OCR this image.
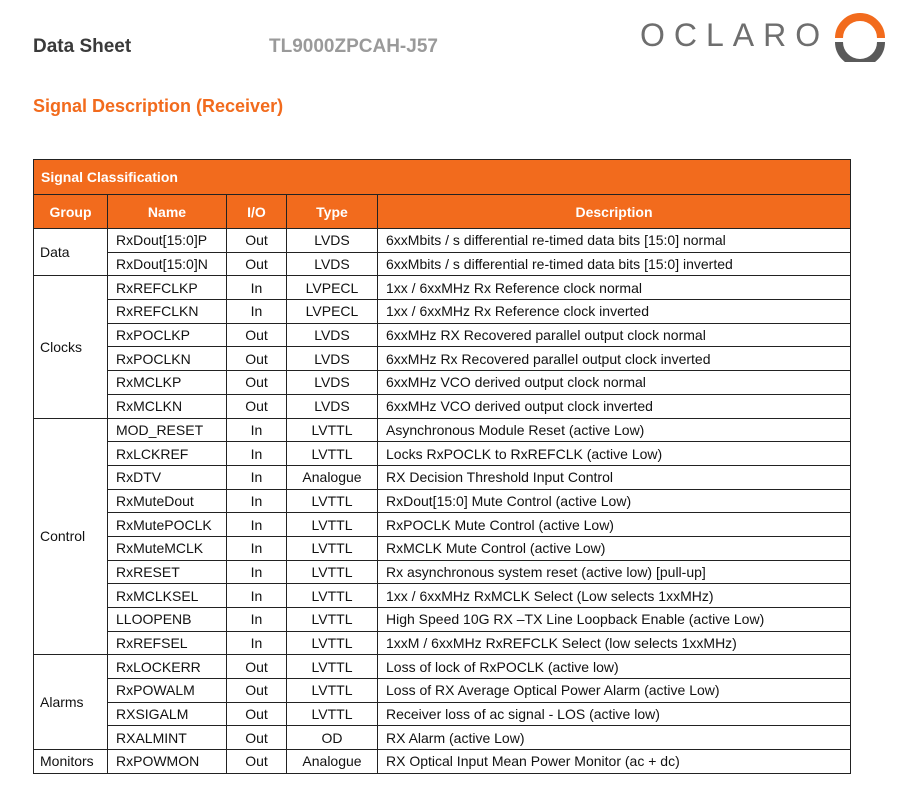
Data Sheet	TL9000ZPCAH-J57	OCLARO
Signal Description (Receiver)
Signal Classification				
Group	Name	I/O	Type	Description
Data	RxDout[15:0]P	Out	LVDS	6xxMbits / s differential re-timed data bits [15:0] normal
	RxDout[15:0]N	Out	LVDS	6xxMbits / s differential re-timed data bits [15:0] inverted
Clocks	RxREFCLKP	In	LVPECL	1xx / 6xxMHz Rx Reference clock normal
	RxREFCLKN	In	LVPECL	1xx / 6xxMHz Rx Reference clock inverted
	RxPOCLKP	Out	LVDS	6xxMHz RX Recovered parallel output clock normal
	RxPOCLKN	Out	LVDS	6xxMHz Rx Recovered parallel output clock inverted
	RxMCLKP	Out	LVDS	6xxMHz VCO derived output clock normal
	RxMCLKN	Out	LVDS	6xxMHz VCO derived output clock inverted
Control	MOD_RESET	In	LVTTL	Asynchronous Module Reset (active Low)
	RxLCKREF	In	LVTTL	Locks RxPOCLK to RxREFCLK (active Low)
	RxDTV	In	Analogue	RX Decision Threshold Input Control
	RxMuteDout	In	LVTTL	RxDout[15:0] Mute Control (active Low)
	RxMutePOCLK	In	LVTTL	RxPOCLK Mute Control (active Low)
	RxMuteMCLK	In	LVTTL	RxMCLK Mute Control (active Low)
	RxRESET	In	LVTTL	Rx asynchronous system reset (active low) [pull-up]
	RxMCLKSEL	In	LVTTL	1xx / 6xxMHz RxMCLK Select (Low selects 1xxMHz)
	LLOOPENB	In	LVTTL	High Speed 10G RX –TX Line Loopback Enable (active Low)
	RxREFSEL	In	LVTTL	1xxM / 6xxMHz RxREFCLK Select (low selects 1xxMHz)
Alarms	RxLOCKERR	Out	LVTTL	Loss of lock of RxPOCLK (active low)
	RxPOWALM	Out	LVTTL	Loss of RX Average Optical Power Alarm (active Low)
	RXSIGALM	Out	LVTTL	Receiver loss of ac signal - LOS (active low)
	RXALMINT	Out	OD	RX Alarm (active Low)
Monitors	RxPOWMON	Out	Analogue	RX Optical Input Mean Power Monitor (ac + dc)
